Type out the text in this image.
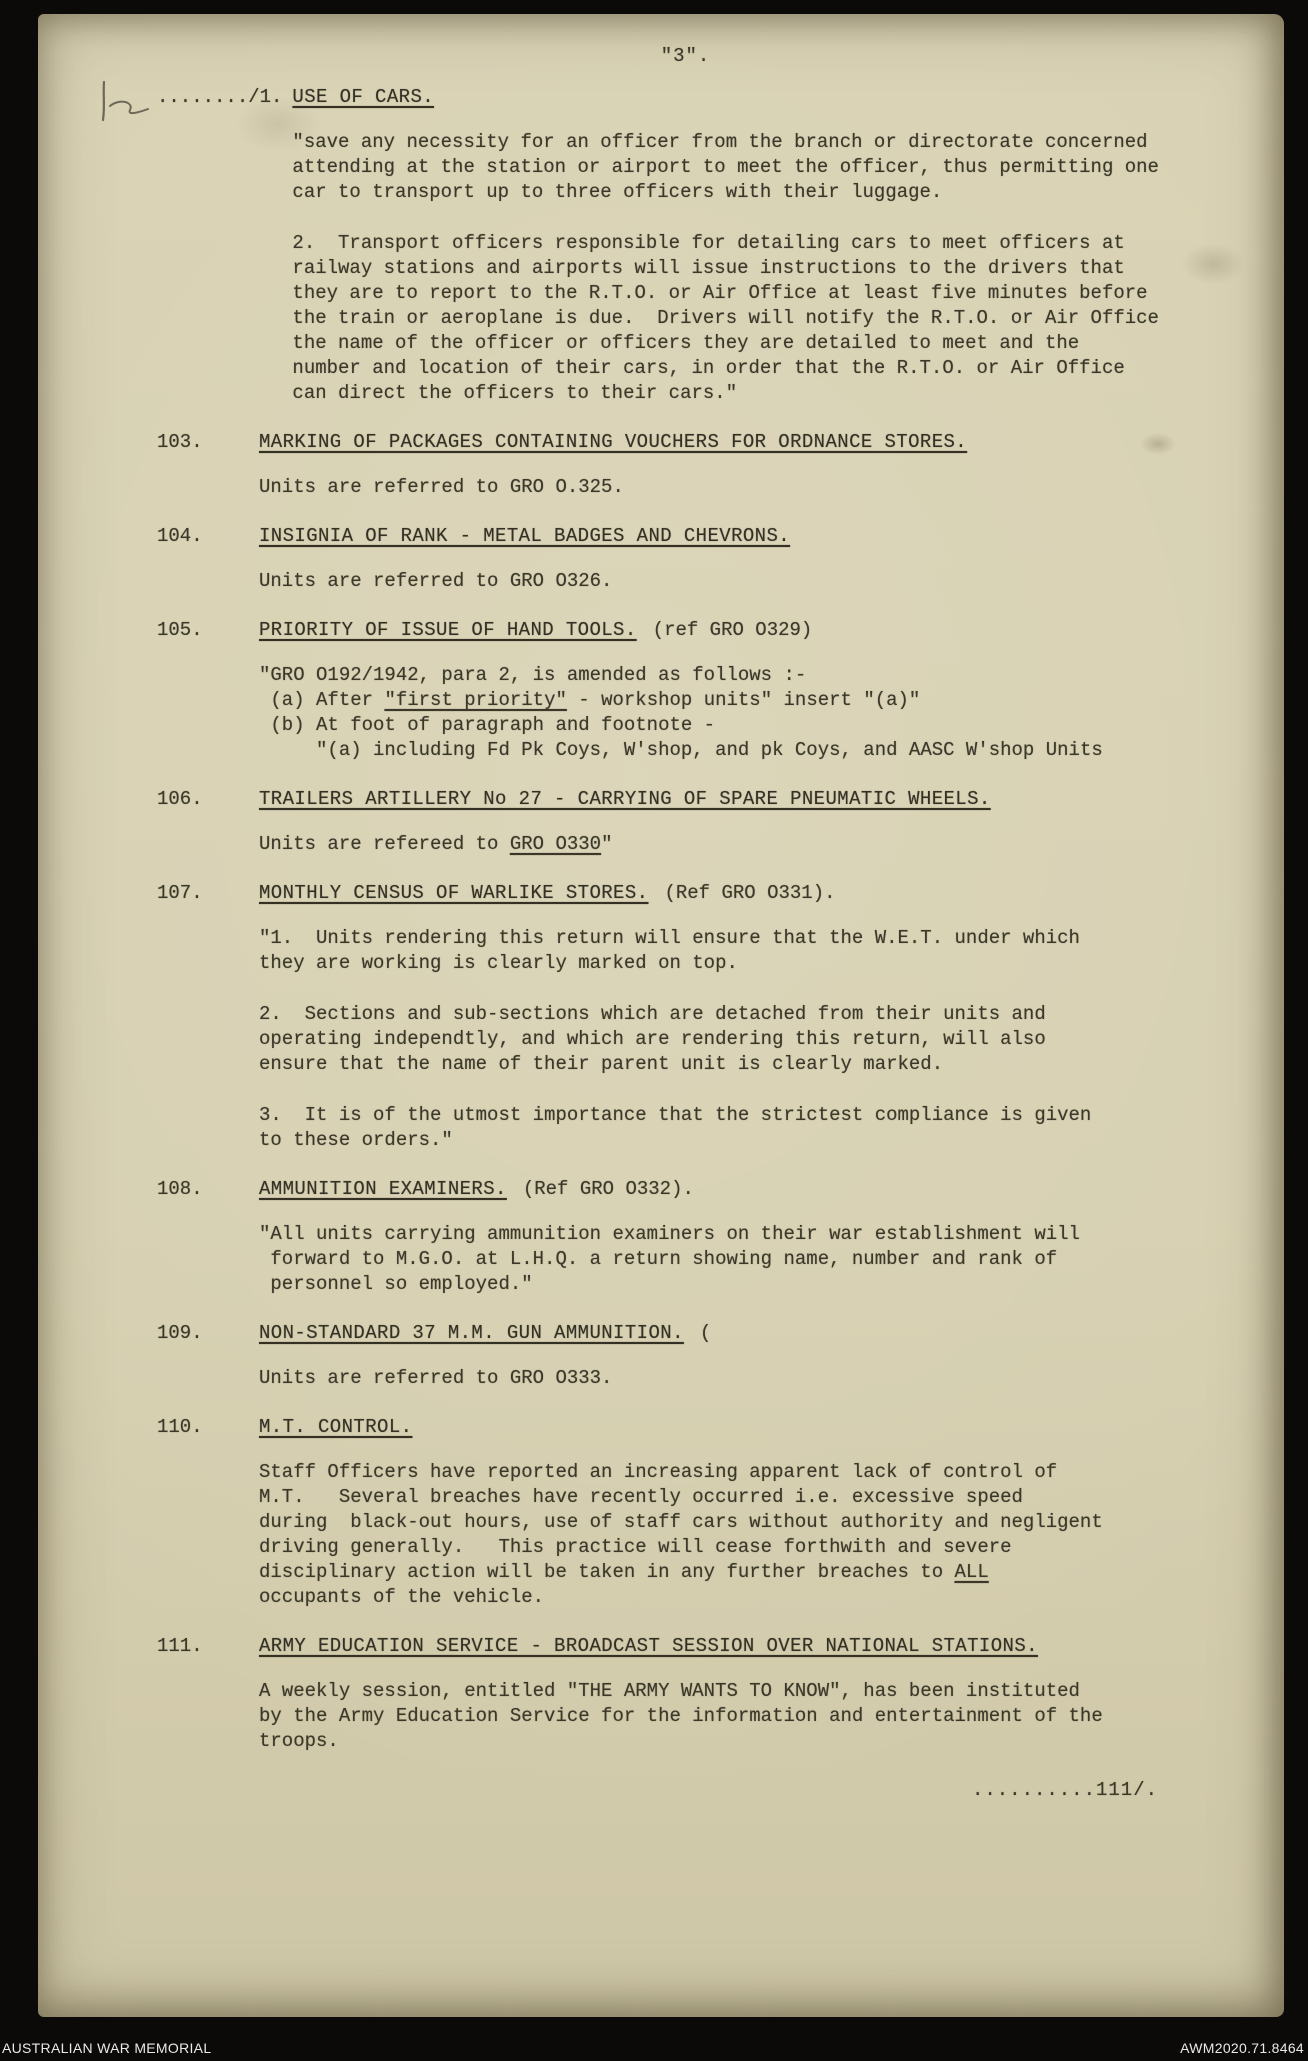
"3".
......../1. USE OF CARS.
"save any necessity for an officer from the branch or directorate concerned
attending at the station or airport to meet the officer, thus permitting one
car to transport up to three officers with their luggage.
2.  Transport officers responsible for detailing cars to meet officers at
railway stations and airports will issue instructions to the drivers that
they are to report to the R.T.O. or Air Office at least five minutes before
the train or aeroplane is due.  Drivers will notify the R.T.O. or Air Office
the name of the officer or officers they are detailed to meet and the
number and location of their cars, in order that the R.T.O. or Air Office
can direct the officers to their cars."
103.	MARKING OF PACKAGES CONTAINING VOUCHERS FOR ORDNANCE STORES.
Units are referred to GRO O.325.
104.	INSIGNIA OF RANK - METAL BADGES AND CHEVRONS.
Units are referred to GRO O326.
105.	PRIORITY OF ISSUE OF HAND TOOLS. (ref GRO O329)
"GRO O192/1942, para 2, is amended as follows :-
(a) After "first priority" - workshop units" insert "(a)"
(b) At foot of paragraph and footnote -
"(a) including Fd Pk Coys, W'shop, and pk Coys, and AASC W'shop Units
106.	TRAILERS ARTILLERY No 27 - CARRYING OF SPARE PNEUMATIC WHEELS.
Units are refereed to GRO O330"
107.	MONTHLY CENSUS OF WARLIKE STORES. (Ref GRO O331).
"1.  Units rendering this return will ensure that the W.E.T. under which
they are working is clearly marked on top.
2.  Sections and sub-sections which are detached from their units and
operating independtly, and which are rendering this return, will also
ensure that the name of their parent unit is clearly marked.
3.  It is of the utmost importance that the strictest compliance is given
to these orders."
108.	AMMUNITION EXAMINERS. (Ref GRO O332).
"All units carrying ammunition examiners on their war establishment will
forward to M.G.O. at L.H.Q. a return showing name, number and rank of
personnel so employed."
109.	NON-STANDARD 37 M.M. GUN AMMUNITION. (
Units are referred to GRO O333.
110.	M.T. CONTROL.
Staff Officers have reported an increasing apparent lack of control of
M.T.   Several breaches have recently occurred i.e. excessive speed
during  black-out hours, use of staff cars without authority and negligent
driving generally.   This practice will cease forthwith and severe
disciplinary action will be taken in any further breaches to ALL
occupants of the vehicle.
111.	ARMY EDUCATION SERVICE - BROADCAST SESSION OVER NATIONAL STATIONS.
A weekly session, entitled "THE ARMY WANTS TO KNOW", has been instituted
by the Army Education Service for the information and entertainment of the
troops.
..........111/.
AUSTRALIAN WAR MEMORIAL	AWM2020.71.8464
